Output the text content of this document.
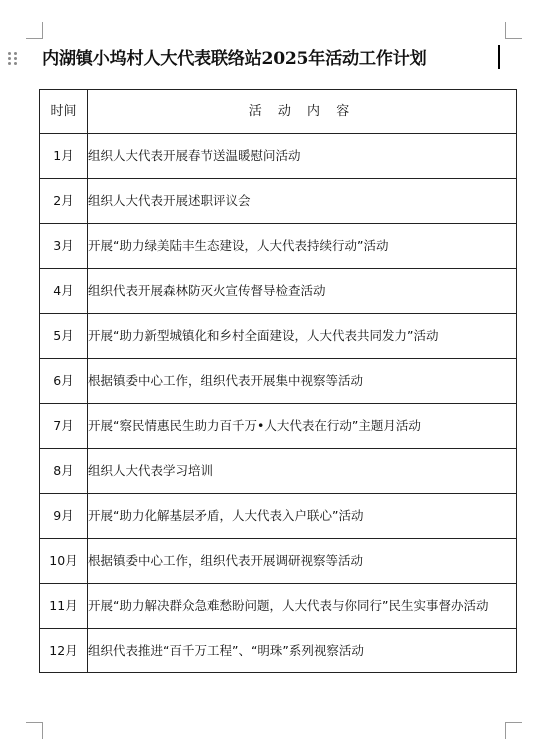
内湖镇小坞村人大代表联络站2025年活动工作计划
时间	活 动 内 容
1月	组织人大代表开展春节送温暖慰问活动
2月	组织人大代表开展述职评议会
3月	开展“助力绿美陆丰生态建设，人大代表持续行动”活动
4月	组织代表开展森林防灭火宣传督导检查活动
5月	开展“助力新型城镇化和乡村全面建设，人大代表共同发力”活动
6月	根据镇委中心工作，组织代表开展集中视察等活动
7月	开展“察民情惠民生助力百千万•人大代表在行动”主题月活动
8月	组织人大代表学习培训
9月	开展“助力化解基层矛盾，人大代表入户联心”活动
10月	根据镇委中心工作，组织代表开展调研视察等活动
11月	开展“助力解决群众急难愁盼问题，人大代表与你同行”民生实事督办活动
12月	组织代表推进“百千万工程”、“明珠”系列视察活动
